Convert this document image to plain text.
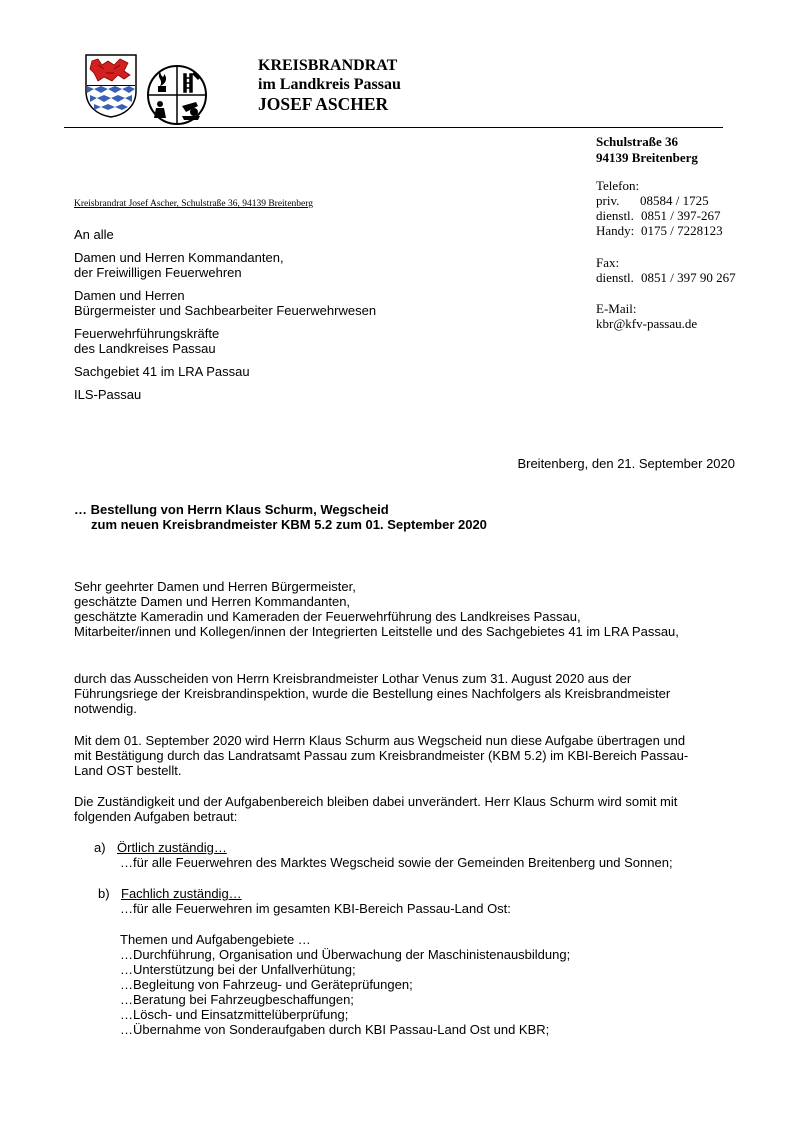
KREISBRANDRAT
im Landkreis Passau
JOSEF ASCHER
Schulstraße 36
94139 Breitenberg
Telefon:
priv. 08584 / 1725
dienstl. 0851 / 397-267
Handy: 0175 / 7228123
Fax:
dienstl. 0851 / 397 90 267
E-Mail:
kbr@kfv-passau.de
Kreisbrandrat Josef Ascher, Schulstraße 36, 94139 Breitenberg
An alle
Damen und Herren Kommandanten,
der Freiwilligen Feuerwehren
Damen und Herren
Bürgermeister und Sachbearbeiter Feuerwehrwesen
Feuerwehrführungskräfte
des Landkreises Passau
Sachgebiet 41 im LRA Passau
ILS-Passau
Breitenberg, den 21. September 2020
… Bestellung von Herrn Klaus Schurm, Wegscheid
zum neuen Kreisbrandmeister KBM 5.2 zum 01. September 2020
Sehr geehrter Damen und Herren Bürgermeister,
geschätzte Damen und Herren Kommandanten,
geschätzte Kameradin und Kameraden der Feuerwehrführung des Landkreises Passau,
Mitarbeiter/innen und Kollegen/innen der Integrierten Leitstelle und des Sachgebietes 41 im LRA Passau,
durch das Ausscheiden von Herrn Kreisbrandmeister Lothar Venus zum 31. August 2020 aus der
Führungsriege der Kreisbrandinspektion, wurde die Bestellung eines Nachfolgers als Kreisbrandmeister
notwendig.
Mit dem 01. September 2020 wird Herrn Klaus Schurm aus Wegscheid nun diese Aufgabe übertragen und
mit Bestätigung durch das Landratsamt Passau zum Kreisbrandmeister (KBM 5.2) im KBI-Bereich Passau-
Land OST bestellt.
Die Zuständigkeit und der Aufgabenbereich bleiben dabei unverändert. Herr Klaus Schurm wird somit mit
folgenden Aufgaben betraut:
a) Örtlich zuständig…
…für alle Feuerwehren des Marktes Wegscheid sowie der Gemeinden Breitenberg und Sonnen;
b) Fachlich zuständig…
…für alle Feuerwehren im gesamten KBI-Bereich Passau-Land Ost:
Themen und Aufgabengebiete …
…Durchführung, Organisation und Überwachung der Maschinistenausbildung;
…Unterstützung bei der Unfallverhütung;
…Begleitung von Fahrzeug- und Geräteprüfungen;
…Beratung bei Fahrzeugbeschaffungen;
…Lösch- und Einsatzmittelüberprüfung;
…Übernahme von Sonderaufgaben durch KBI Passau-Land Ost und KBR;
